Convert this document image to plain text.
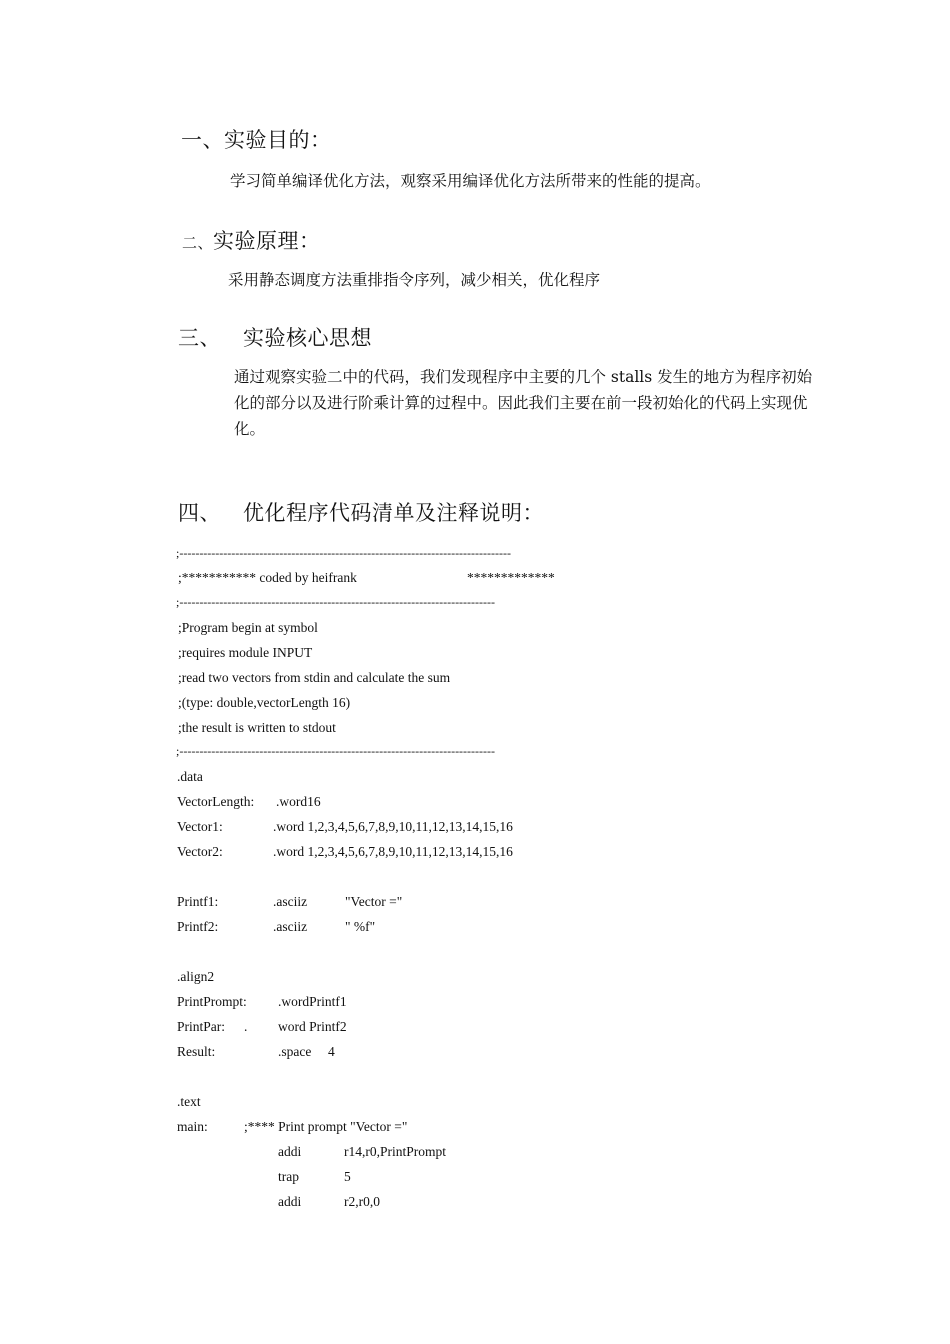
一、实验目的：
学习简单编译优化方法，观察采用编译优化方法所带来的性能的提高。
二、实验原理：
采用静态调度方法重排指令序列，减少相关，优化程序
三、 实验核心思想
通过观察实验二中的代码，我们发现程序中主要的几个 stalls 发生的地方为程序初始化的部分以及进行阶乘计算的过程中。因此我们主要在前一段初始化的代码上实现优化。
四、 优化程序代码清单及注释说明：
;-----------------------------------------------------------------------------------
;*********** coded by heifrank	*************
;-------------------------------------------------------------------------------
;Program begin at symbol
;requires module INPUT
;read two vectors from stdin and calculate the sum
;(type: double,vectorLength 16)
;the result is written to stdout
;-------------------------------------------------------------------------------
.data
VectorLength: .word16
Vector1:	.word 1,2,3,4,5,6,7,8,9,10,11,12,13,14,15,16
Vector2:	.word 1,2,3,4,5,6,7,8,9,10,11,12,13,14,15,16
Printf1:	.asciiz	"Vector ="
Printf2:	.asciiz	" %f"
.align2
PrintPrompt: .wordPrintf1
PrintPar: . word Printf2
Result:	.space 4
.text
main:	;**** Print prompt "Vector ="
addi	r14,r0,PrintPrompt
trap	5
addi	r2,r0,0
